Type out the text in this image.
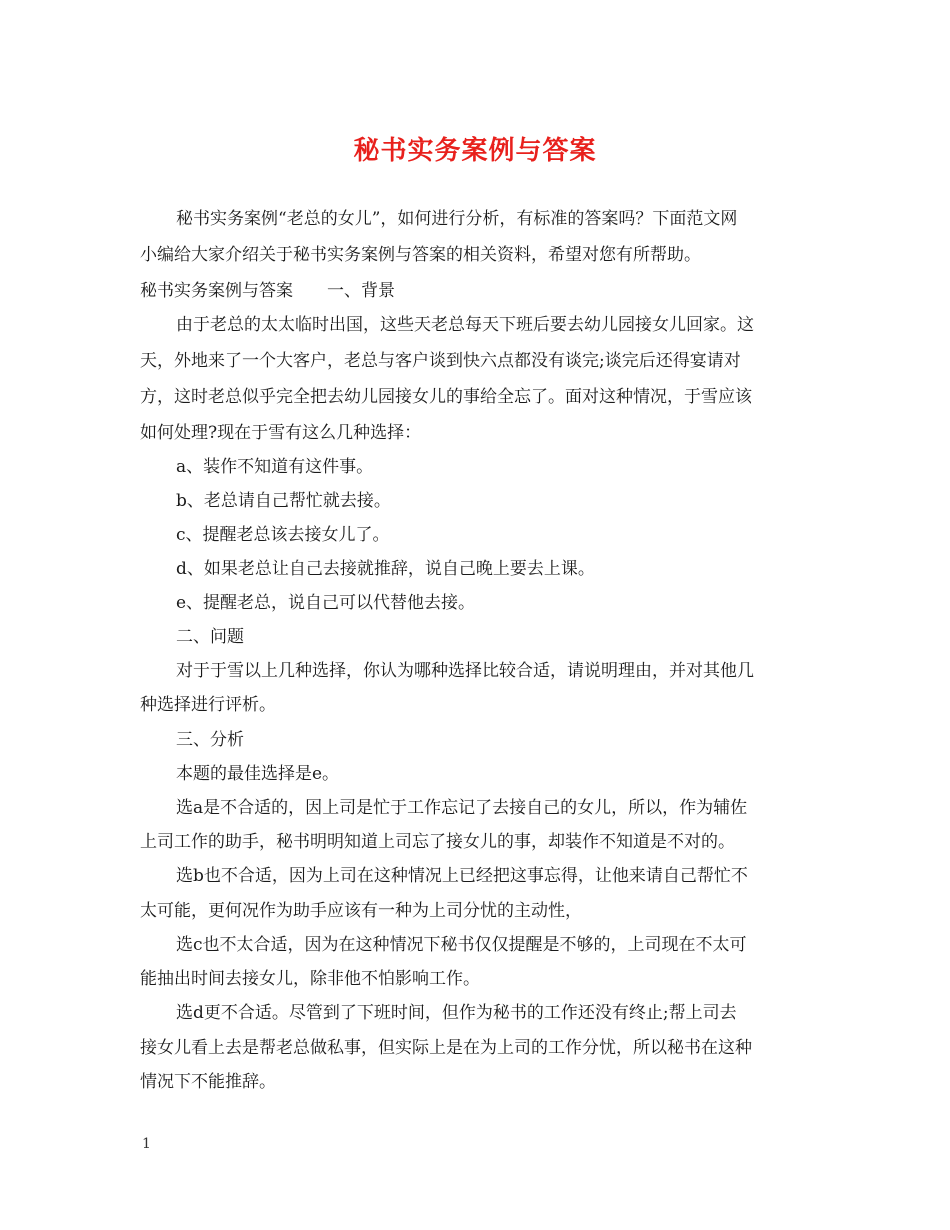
秘书实务案例与答案
秘书实务案例“老总的女儿”，如何进行分析，有标准的答案吗？下面范文网
小编给大家介绍关于秘书实务案例与答案的相关资料，希望对您有所帮助。
秘书实务案例与答案　　一、背景
由于老总的太太临时出国，这些天老总每天下班后要去幼儿园接女儿回家。这
天，外地来了一个大客户，老总与客户谈到快六点都没有谈完;谈完后还得宴请对
方，这时老总似乎完全把去幼儿园接女儿的事给全忘了。面对这种情况，于雪应该
如何处理?现在于雪有这么几种选择：
a、装作不知道有这件事。
b、老总请自己帮忙就去接。
c、提醒老总该去接女儿了。
d、如果老总让自己去接就推辞，说自己晚上要去上课。
e、提醒老总，说自己可以代替他去接。
二、问题
对于于雪以上几种选择，你认为哪种选择比较合适，请说明理由，并对其他几
种选择进行评析。
三、分析
本题的最佳选择是e。
选a是不合适的，因上司是忙于工作忘记了去接自己的女儿，所以，作为辅佐
上司工作的助手，秘书明明知道上司忘了接女儿的事，却装作不知道是不对的。
选b也不合适，因为上司在这种情况上已经把这事忘得，让他来请自己帮忙不
太可能，更何况作为助手应该有一种为上司分忧的主动性，
选c也不太合适，因为在这种情况下秘书仅仅提醒是不够的，上司现在不太可
能抽出时间去接女儿，除非他不怕影响工作。
选d更不合适。尽管到了下班时间，但作为秘书的工作还没有终止;帮上司去
接女儿看上去是帮老总做私事，但实际上是在为上司的工作分忧，所以秘书在这种
情况下不能推辞。
1
